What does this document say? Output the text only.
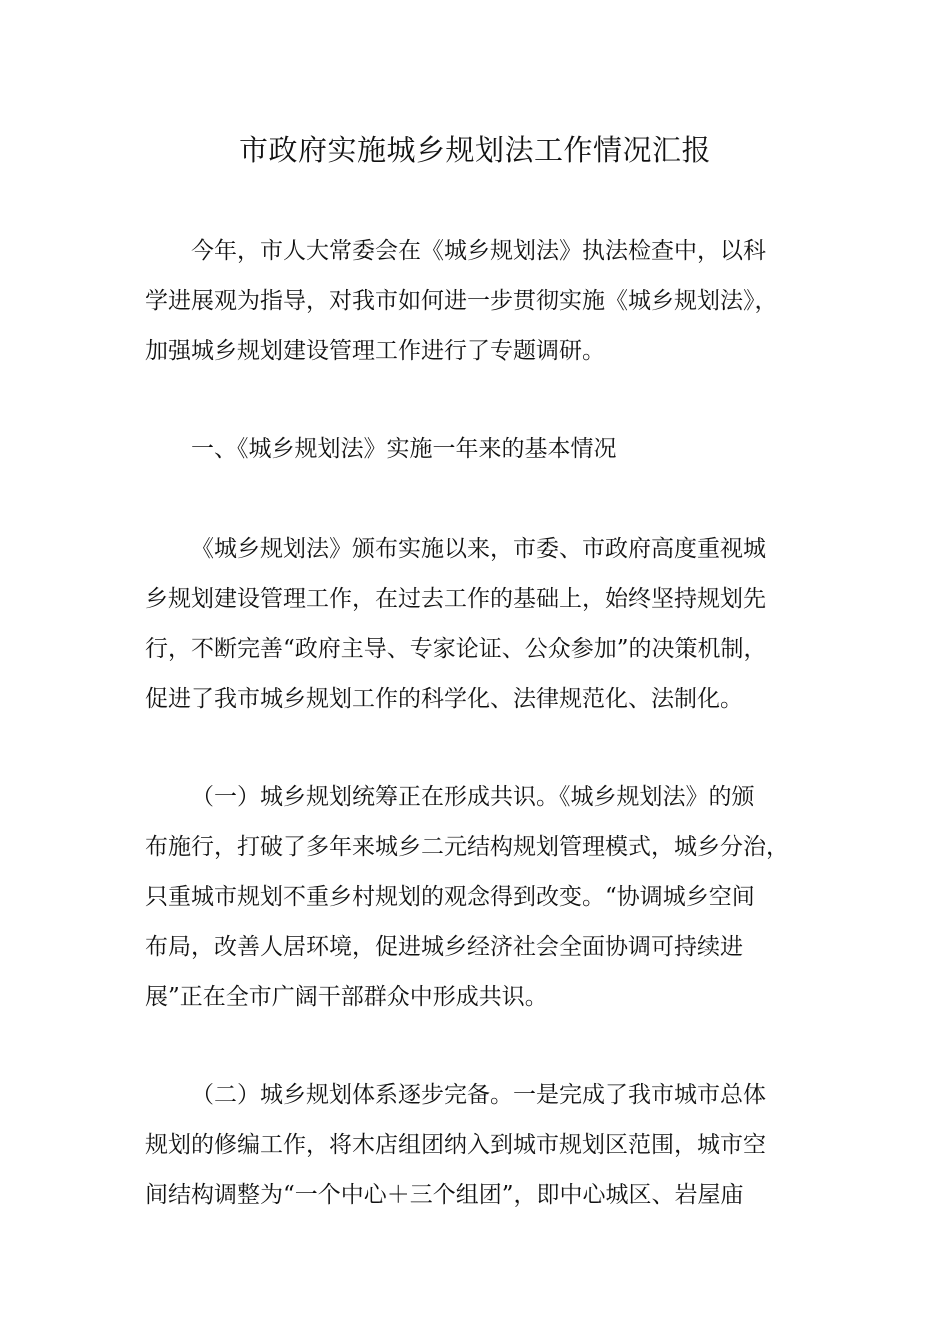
市政府实施城乡规划法工作情况汇报
今年，市人大常委会在《城乡规划法》执法检查中，以科
学进展观为指导，对我市如何进一步贯彻实施《城乡规划法》，
加强城乡规划建设管理工作进行了专题调研。
一、《城乡规划法》实施一年来的基本情况
《城乡规划法》颁布实施以来，市委、市政府高度重视城
乡规划建设管理工作，在过去工作的基础上，始终坚持规划先
行，不断完善“政府主导、专家论证、公众参加”的决策机制，
促进了我市城乡规划工作的科学化、法律规范化、法制化。
（一）城乡规划统筹正在形成共识。《城乡规划法》的颁
布施行，打破了多年来城乡二元结构规划管理模式，城乡分治，
只重城市规划不重乡村规划的观念得到改变。“协调城乡空间
布局，改善人居环境，促进城乡经济社会全面协调可持续进
展”正在全市广阔干部群众中形成共识。
（二）城乡规划体系逐步完备。一是完成了我市城市总体
规划的修编工作，将木店组团纳入到城市规划区范围，城市空
间结构调整为“一个中心＋三个组团”，即中心城区、岩屋庙
